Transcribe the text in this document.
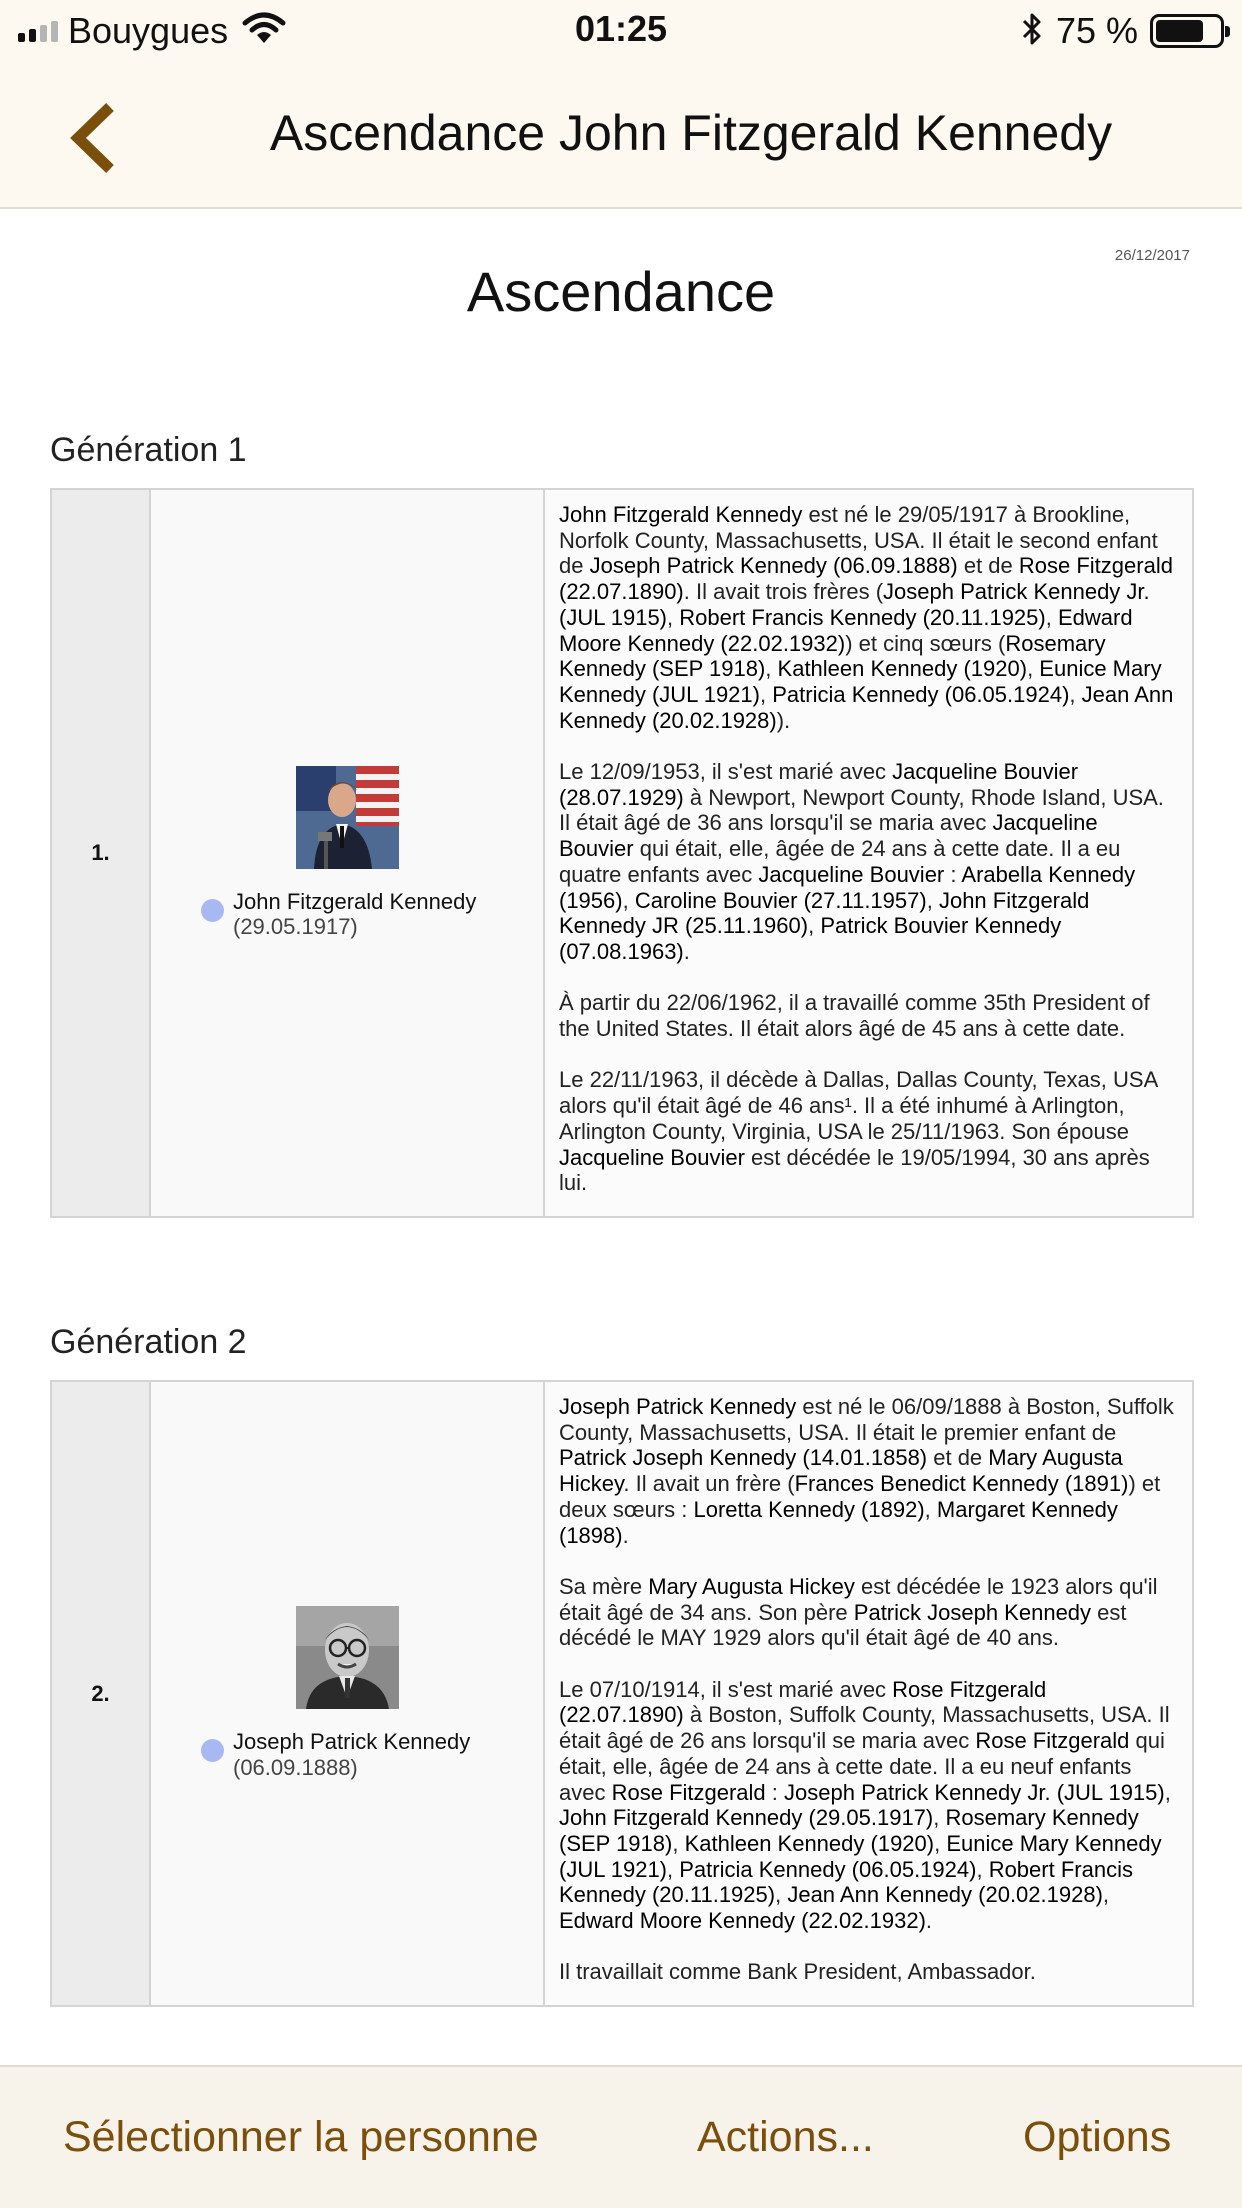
Bouygues	01:25	75 %
Ascendance John Fitzgerald Kennedy
26/12/2017
Ascendance
Génération 1
1.	
John Fitzgerald Kennedy
(29.05.1917)

John Fitzgerald Kennedy est né le 29/05/1917 à Brookline, Norfolk County, Massachusetts, USA. Il était le second enfant de Joseph Patrick Kennedy (06.09.1888) et de Rose Fitzgerald (22.07.1890). Il avait trois frères (Joseph Patrick Kennedy Jr. (JUL 1915), Robert Francis Kennedy (20.11.1925), Edward Moore Kennedy (22.02.1932)) et cinq sœurs (Rosemary Kennedy (SEP 1918), Kathleen Kennedy (1920), Eunice Mary Kennedy (JUL 1921), Patricia Kennedy (06.05.1924), Jean Ann Kennedy (20.02.1928)).

Le 12/09/1953, il s'est marié avec Jacqueline Bouvier (28.07.1929) à Newport, Newport County, Rhode Island, USA. Il était âgé de 36 ans lorsqu'il se maria avec Jacqueline Bouvier qui était, elle, âgée de 24 ans à cette date. Il a eu quatre enfants avec Jacqueline Bouvier : Arabella Kennedy (1956), Caroline Bouvier (27.11.1957), John Fitzgerald Kennedy JR (25.11.1960), Patrick Bouvier Kennedy (07.08.1963).

À partir du 22/06/1962, il a travaillé comme 35th President of the United States. Il était alors âgé de 45 ans à cette date.

Le 22/11/1963, il décède à Dallas, Dallas County, Texas, USA alors qu'il était âgé de 46 ans¹. Il a été inhumé à Arlington, Arlington County, Virginia, USA le 25/11/1963. Son épouse Jacqueline Bouvier est décédée le 19/05/1994, 30 ans après lui.

Génération 2
2.	
Joseph Patrick Kennedy
(06.09.1888)

Joseph Patrick Kennedy est né le 06/09/1888 à Boston, Suffolk County, Massachusetts, USA. Il était le premier enfant de Patrick Joseph Kennedy (14.01.1858) et de Mary Augusta Hickey. Il avait un frère (Frances Benedict Kennedy (1891)) et deux sœurs : Loretta Kennedy (1892), Margaret Kennedy (1898).

Sa mère Mary Augusta Hickey est décédée le 1923 alors qu'il était âgé de 34 ans. Son père Patrick Joseph Kennedy est décédé le MAY 1929 alors qu'il était âgé de 40 ans.

Le 07/10/1914, il s'est marié avec Rose Fitzgerald (22.07.1890) à Boston, Suffolk County, Massachusetts, USA. Il était âgé de 26 ans lorsqu'il se maria avec Rose Fitzgerald qui était, elle, âgée de 24 ans à cette date. Il a eu neuf enfants avec Rose Fitzgerald : Joseph Patrick Kennedy Jr. (JUL 1915), John Fitzgerald Kennedy (29.05.1917), Rosemary Kennedy (SEP 1918), Kathleen Kennedy (1920), Eunice Mary Kennedy (JUL 1921), Patricia Kennedy (06.05.1924), Robert Francis Kennedy (20.11.1925), Jean Ann Kennedy (20.02.1928), Edward Moore Kennedy (22.02.1932).

Il travaillait comme Bank President, Ambassador.

Sélectionner la personne	Actions...	Options
